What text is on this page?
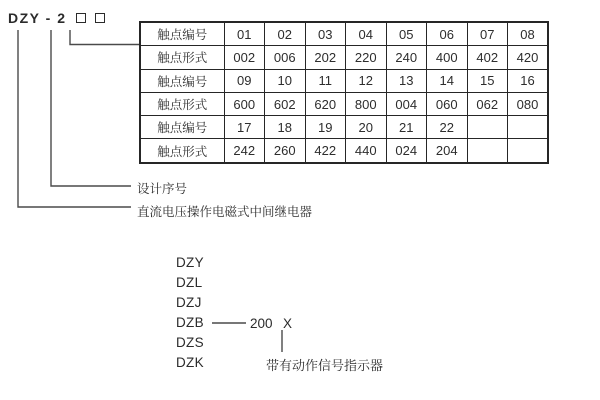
DZY - 2
触点编号	01	02	03	04	05	06	07	08
触点形式	002	006	202	220	240	400	402	420
触点编号	09	10	11	12	13	14	15	16
触点形式	600	602	620	800	004	060	062	080
触点编号	17	18	19	20	21	22		
触点形式	242	260	422	440	024	204		
设计序号
直流电压操作电磁式中间继电器
DZY
DZL
DZJ
DZB
DZS
DZK
200 X
带有动作信号指示器
